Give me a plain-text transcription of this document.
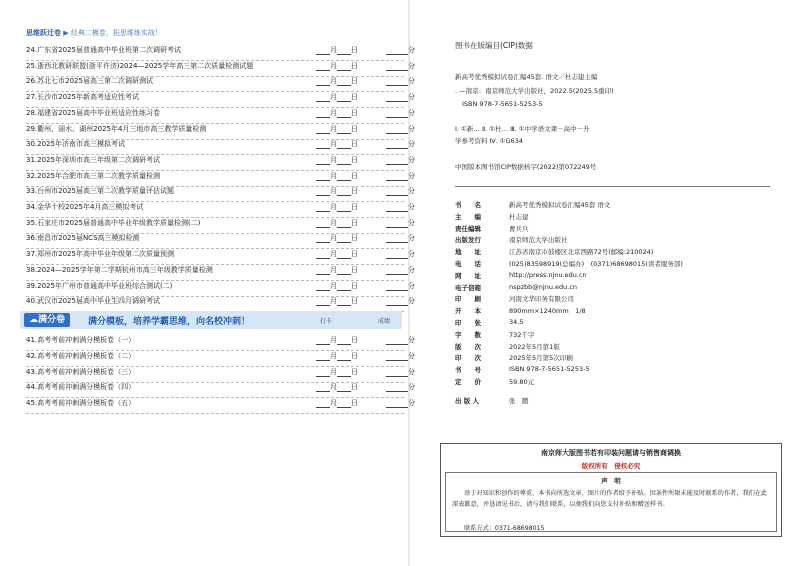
思维跃迁卷 ▶ 经典二模卷，拓思维练实战！
24.广东省2025届普通高中毕业班第二次调研考试	月 日	分
25.浙西北教研联盟(浙平许济)2024—2025学年高三第二次质量检测试题	月 日	分
26.苏北七市2025届高三第二次调研测试	月 日	分
27.长沙市2025年新高考适应性考试	月 日	分
28.福建省2025届高中毕业班适应性练习卷	月 日	分
29.衢州、丽水、湖州2025年4月三地市高三教学质量检测	月 日	分
30.2025年济南市高三模拟考试	月 日	分
31.2025年深圳市高三年级第二次调研考试	月 日	分
32.2025年合肥市高三第二次教学质量检测	月 日	分
33.台州市2025届高三第二次教学质量评估试题	月 日	分
34.金华十校2025年4月高三模拟考试	月 日	分
35.石家庄市2025届普通高中毕业年级教学质量检测(二)	月 日	分
36.南昌市2025届NCS高三模拟检测	月 日	分
37.郑州市2025年高中毕业年级第二次质量预测	月 日	分
38.2024—2025学年第二学期杭州市高三年级教学质量检测	月 日	分
39.2025年广州市普通高中毕业班综合测试(二)	月 日	分
40.武汉市2025届高中毕业生四月调研考试	月 日	分
☁满分卷	满分模板，培养学霸思维，向名校冲刺！	打卡	成绩
41.高考考前冲刺满分模板卷（一）	月 日	分
42.高考考前冲刺满分模板卷（二）	月 日	分
43.高考考前冲刺满分模板卷（三）	月 日	分
44.高考考前冲刺满分模板卷（四）	月 日	分
45.高考考前冲刺满分模板卷（五）	月 日	分
图书在版编目(CIP)数据
新高考优秀模拟试卷汇编45套. 语文／杜志建主编
. —南京：南京师范大学出版社，2022.5(2025.5重印)
ISBN 978-7-5651-5253-5
Ⅰ. ①新… Ⅱ. ①杜… Ⅲ. ①中学语文课－高中－升
学参考资料 Ⅳ. ①G634
中国版本图书馆CIP数据核字(2022)第072249号
书　　名	新高考优秀模拟试卷汇编45套 语文
主　　编	杜志建
责任编辑	曹兵兵
出版发行	南京师范大学出版社
地　　址	江苏省南京市鼓楼区北京西路72号(邮编:210024)
电　　话	(025)83598919(总编办)　(0371)68698015(读者服务部)
网　　址	http://press.njnu.edu.cn
电子信箱	nspzbb@njnu.edu.cn
印　　刷	河南文华印务有限公司
开　　本	890mm×1240mm　1/8
印　　张	34.5
字　　数	732千字
版　　次	2022年5月第1版
印　　次	2025年5月第5次印刷
书　　号	ISBN 978-7-5651-5253-5
定　　价	59.80元
出 版 人	张　鹏
南京师大版图书若有印装问题请与销售商调换
版权所有　侵权必究
声　明
基于对知识和创作的尊重，本书向所选文章、图片的作者给予补贴。因条件所限未能及时联系的作者，我们在此深表歉意，并恳请见书后，请与我们联系，以便我们向您支付补贴和赠送样书。
联系方式：0371-68698015
